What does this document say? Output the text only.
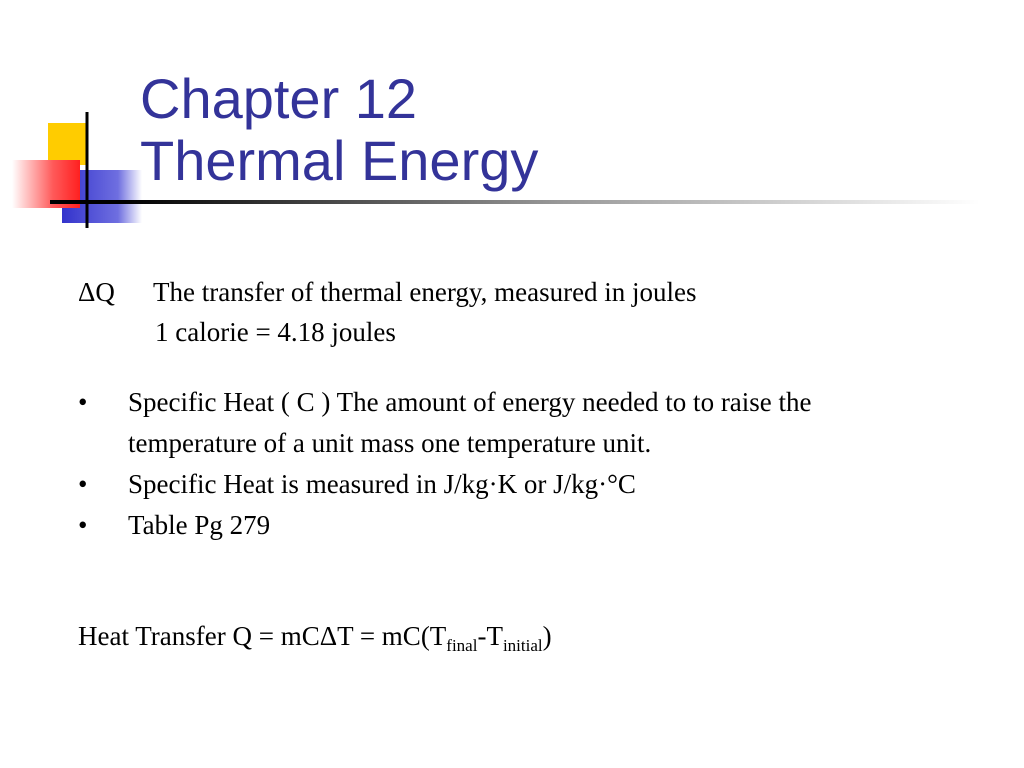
Chapter 12
Thermal Energy
ΔQ The transfer of thermal energy, measured in joules
1 calorie = 4.18 joules
• Specific Heat ( C ) The amount of energy needed to to raise the temperature of a unit mass one temperature unit.
• Specific Heat is measured in J/kg·K or J/kg·°C
• Table Pg 279
Heat Transfer $Q = mC\Delta T = mC(T_{final}-T_{initial})$
